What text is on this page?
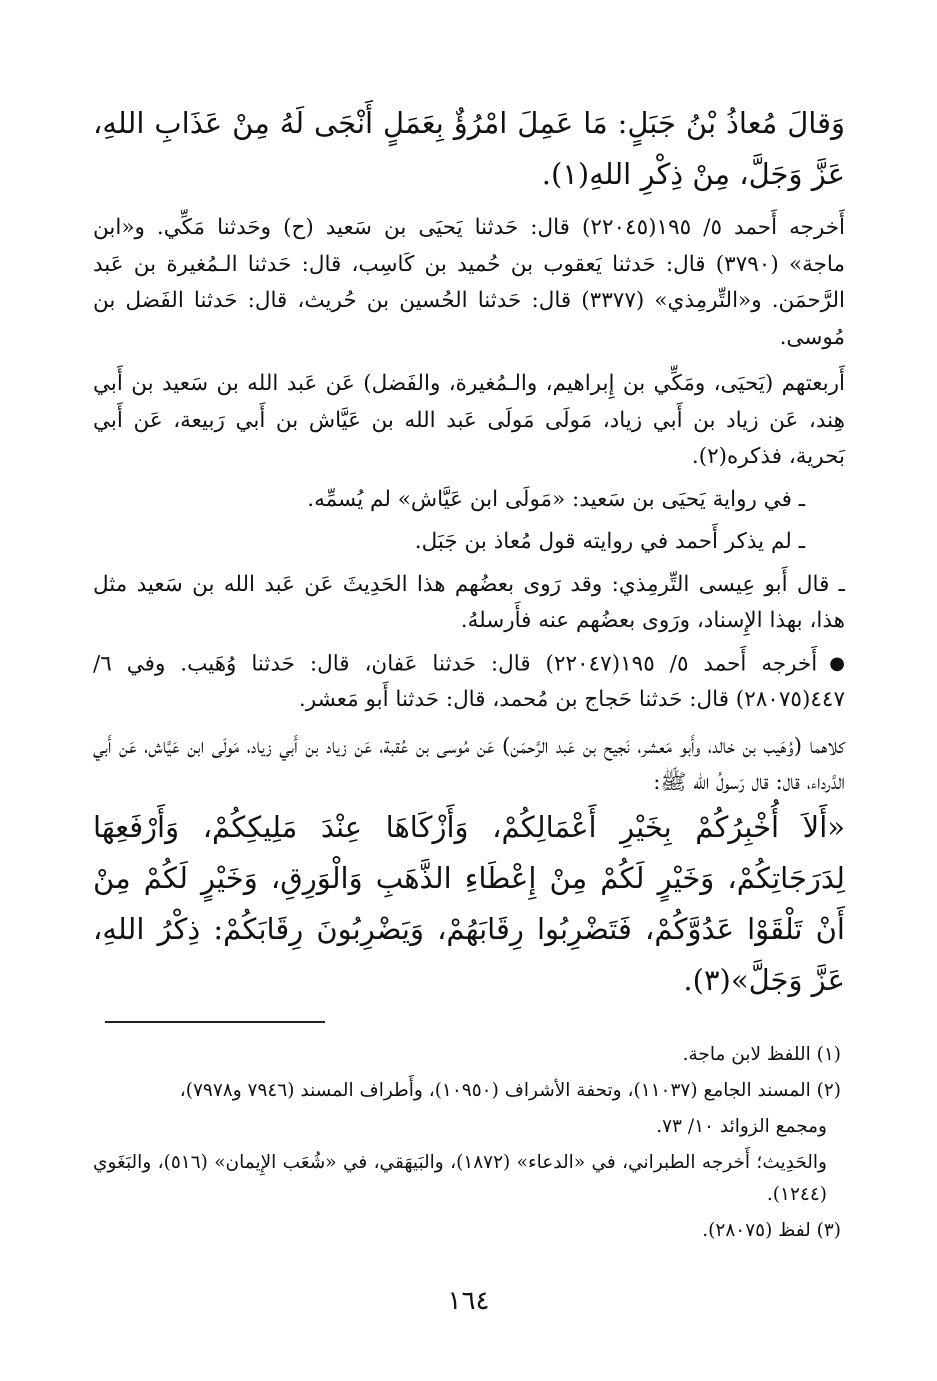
وَقالَ مُعاذُ بْنُ جَبَلٍ: مَا عَمِلَ امْرُؤٌ بِعَمَلٍ أَنْجَى لَهُ مِنْ عَذَابِ اللهِ، عَزَّ وَجَلَّ، مِنْ ذِكْرِ اللهِ(١).

أَخرجه أَحمد ٥/ ١٩٥(٢٢٠٤٥) قال: حَدثنا يَحيَى بن سَعيد (ح) وحَدثنا مَكِّي. و«ابن ماجة» (٣٧٩٠) قال: حَدثنا يَعقوب بن حُميد بن كَاسِب، قال: حَدثنا الـمُغيرة بن عَبد الرَّحمَن. و«التِّرمِذي» (٣٣٧٧) قال: حَدثنا الحُسين بن حُريث، قال: حَدثنا الفَضل بن مُوسى.

أَربعتهم (يَحيَى، ومَكِّي بن إِبراهيم، والـمُغيرة، والفَضل) عَن عَبد الله بن سَعيد بن أَبي هِند، عَن زياد بن أَبي زياد، مَولَى مَولَى عَبد الله بن عَيَّاش بن أَبي رَبيعة، عَن أَبي بَحرية، فذكره(٢).

ـ في رواية يَحيَى بن سَعيد: «مَولَى ابن عَيَّاش» لم يُسمِّه.

ـ لم يذكر أَحمد في روايته قول مُعاذ بن جَبَل.

ـ قال أَبو عِيسى التِّرمِذي: وقد رَوى بعضُهم هذا الحَدِيثَ عَن عَبد الله بن سَعيد مثل هذا، بهذا الإِسناد، ورَوى بعضُهم عنه فأَرسلهُ.

●أَخرجه أَحمد ٥/ ١٩٥(٢٢٠٤٧) قال: حَدثنا عَفان، قال: حَدثنا وُهَيب. وفي ٦/ ٤٤٧(٢٨٠٧٥) قال: حَدثنا حَجاج بن مُحمد، قال: حَدثنا أَبو مَعشر.

كلاهما (وُهَيب بن خالد، وأَبو مَعشر، نَجيح بن عَبد الرَّحمَن) عَن مُوسى بن عُقبة، عَن زياد بن أَبي زياد، مَولَى ابن عَيَّاش، عَن أَبي الدَّرداء، قال: قال رَسولُ الله ﷺ:

«أَلاَ أُخْبِرُكُمْ بِخَيْرِ أَعْمَالِكُمْ، وَأَزْكَاهَا عِنْدَ مَلِيكِكُمْ، وَأَرْفَعِهَا لِدَرَجَاتِكُمْ، وَخَيْرٍ لَكُمْ مِنْ إِعْطَاءِ الذَّهَبِ وَالْوَرِقِ، وَخَيْرٍ لَكُمْ مِنْ أَنْ تَلْقَوْا عَدُوَّكُمْ، فَتَضْرِبُوا رِقَابَهُمْ، وَيَضْرِبُونَ رِقَابَكُمْ: ذِكْرُ اللهِ، عَزَّ وَجَلَّ»(٣).

(١) اللفظ لابن ماجة.

(٢) المسند الجامع (١١٠٣٧)، وتحفة الأشراف (١٠٩٥٠)، وأَطراف المسند (٧٩٤٦ و٧٩٧٨)،

ومجمع الزوائد ١٠/ ٧٣.

والحَدِيث؛ أَخرجه الطبراني، في «الدعاء» (١٨٧٢)، والبَيهَقي، في «شُعَب الإِيمان» (٥١٦)، والبَغَوي (١٢٤٤).

(٣) لفظ (٢٨٠٧٥).

١٦٤
